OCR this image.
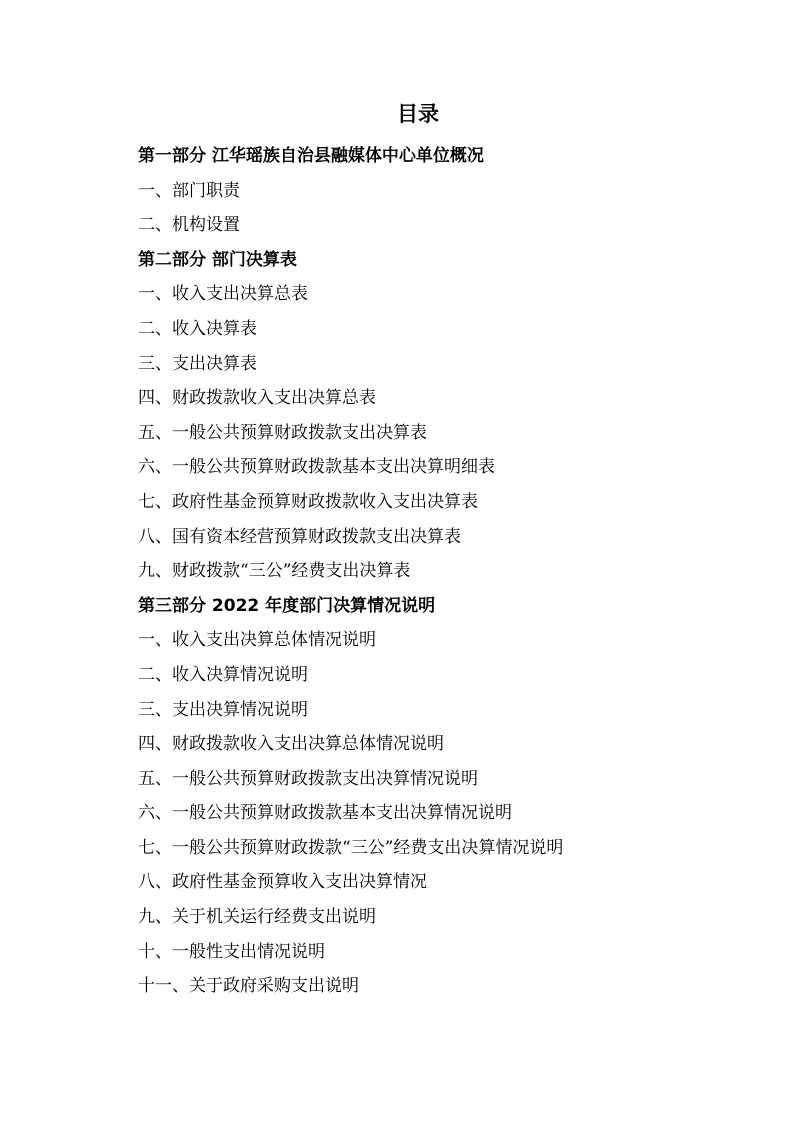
目录
第一部分 江华瑶族自治县融媒体中心单位概况
一、部门职责
二、机构设置
第二部分 部门决算表
一、收入支出决算总表
二、收入决算表
三、支出决算表
四、财政拨款收入支出决算总表
五、一般公共预算财政拨款支出决算表
六、一般公共预算财政拨款基本支出决算明细表
七、政府性基金预算财政拨款收入支出决算表
八、国有资本经营预算财政拨款支出决算表
九、财政拨款“三公”经费支出决算表
第三部分 2022 年度部门决算情况说明
一、收入支出决算总体情况说明
二、收入决算情况说明
三、支出决算情况说明
四、财政拨款收入支出决算总体情况说明
五、一般公共预算财政拨款支出决算情况说明
六、一般公共预算财政拨款基本支出决算情况说明
七、一般公共预算财政拨款“三公”经费支出决算情况说明
八、政府性基金预算收入支出决算情况
九、关于机关运行经费支出说明
十、一般性支出情况说明
十一、关于政府采购支出说明
